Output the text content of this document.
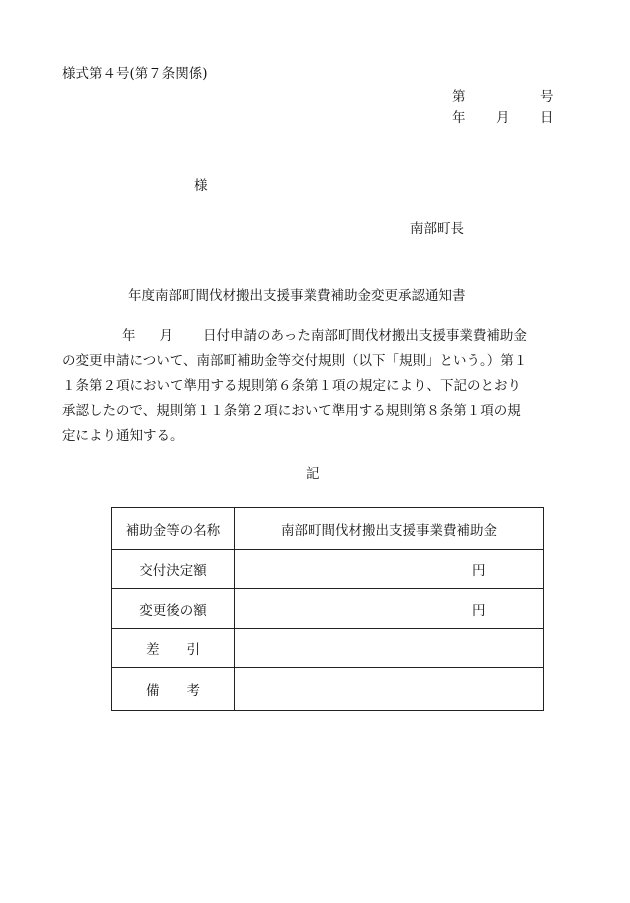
様式第４号(第７条関係)
第	号
年 月 日
様
南部町長
年度南部町間伐材搬出支援事業費補助金変更承認通知書
年 月 日付申請のあった南部町間伐材搬出支援事業費補助金
の変更申請について、南部町補助金等交付規則（以下「規則」という。）第１
１条第２項において準用する規則第６条第１項の規定により、下記のとおり
承認したので、規則第１１条第２項において準用する規則第８条第１項の規
定により通知する。
記
補助金等の名称	南部町間伐材搬出支援事業費補助金

交付決定額	円

変更後の額	円

差　　引	
備　　考	
